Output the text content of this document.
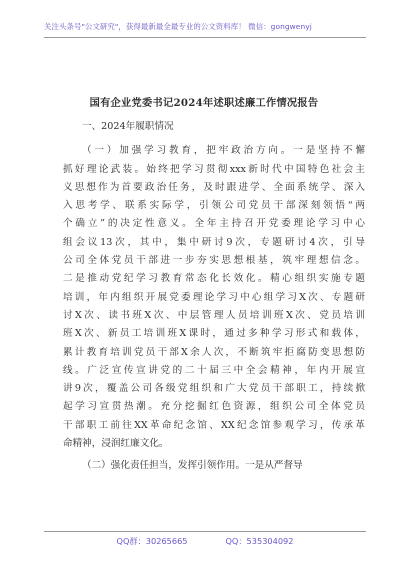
关注头条号"公文研究"，获得最新最全最专业的公文资料库！ 微信：gongwenyj
国有企业党委书记2024年述职述廉工作情况报告
一、2024年履职情况
（一）加强学习教育，把牢政治方向。一是坚持不懈
抓好理论武装。始终把学习贯彻xxx新时代中国特色社会主
义思想作为首要政治任务，及时跟进学、全面系统学、深入
入思考学、联系实际学，引领公司党员干部深刻领悟“两
个确立”的决定性意义。全年主持召开党委理论学习中心
组会议13次，其中，集中研讨9次，专题研讨4次，引导
公司全体党员干部进一步夯实思想根基，筑牢理想信念。
二是推动党纪学习教育常态化长效化。精心组织实施专题
培训，年内组织开展党委理论学习中心组学习X次、专题研
讨X次、读书班X次、中层管理人员培训班X次、党员培训
班X次、新员工培训班X课时，通过多种学习形式和载体，
累计教育培训党员干部X余人次，不断筑牢拒腐防变思想防
线。广泛宣传宣讲党的二十届三中全会精神，年内开展宣
讲9次，覆盖公司各级党组织和广大党员干部职工，持续掀
起学习宣贯热潮。充分挖掘红色资源，组织公司全体党员
干部职工前往XX革命纪念馆、XX纪念馆参观学习，传承革
命精神，浸润红廉文化。
（二）强化责任担当，发挥引领作用。一是从严督导
QQ群：30265665	QQ：535304092
